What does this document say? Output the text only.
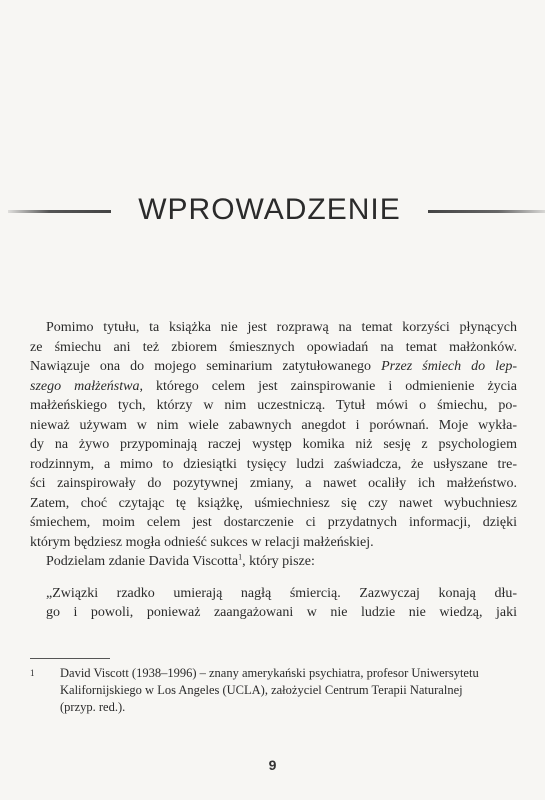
WPROWADZENIE
Pomimo tytułu, ta książka nie jest rozprawą na temat korzyści płynących
ze śmiechu ani też zbiorem śmiesznych opowiadań na temat małżonków.
Nawiązuje ona do mojego seminarium zatytułowanego Przez śmiech do lep-
szego małżeństwa, którego celem jest zainspirowanie i odmienienie życia
małżeńskiego tych, którzy w nim uczestniczą. Tytuł mówi o śmiechu, po-
nieważ używam w nim wiele zabawnych anegdot i porównań. Moje wykła-
dy na żywo przypominają raczej występ komika niż sesję z psychologiem
rodzinnym, a mimo to dziesiątki tysięcy ludzi zaświadcza, że usłyszane tre-
ści zainspirowały do pozytywnej zmiany, a nawet ocaliły ich małżeństwo.
Zatem, choć czytając tę książkę, uśmiechniesz się czy nawet wybuchniesz
śmiechem, moim celem jest dostarczenie ci przydatnych informacji, dzięki
którym będziesz mogła odnieść sukces w relacji małżeńskiej.
Podzielam zdanie Davida Viscotta$^1$, który pisze:
„Związki rzadko umierają nagłą śmiercią. Zazwyczaj konają dłu-
go i powoli, ponieważ zaangażowani w nie ludzie nie wiedzą, jaki
1 David Viscott (1938–1996) – znany amerykański psychiatra, profesor Uniwersytetu
Kalifornijskiego w Los Angeles (UCLA), założyciel Centrum Terapii Naturalnej
(przyp. red.).
9
